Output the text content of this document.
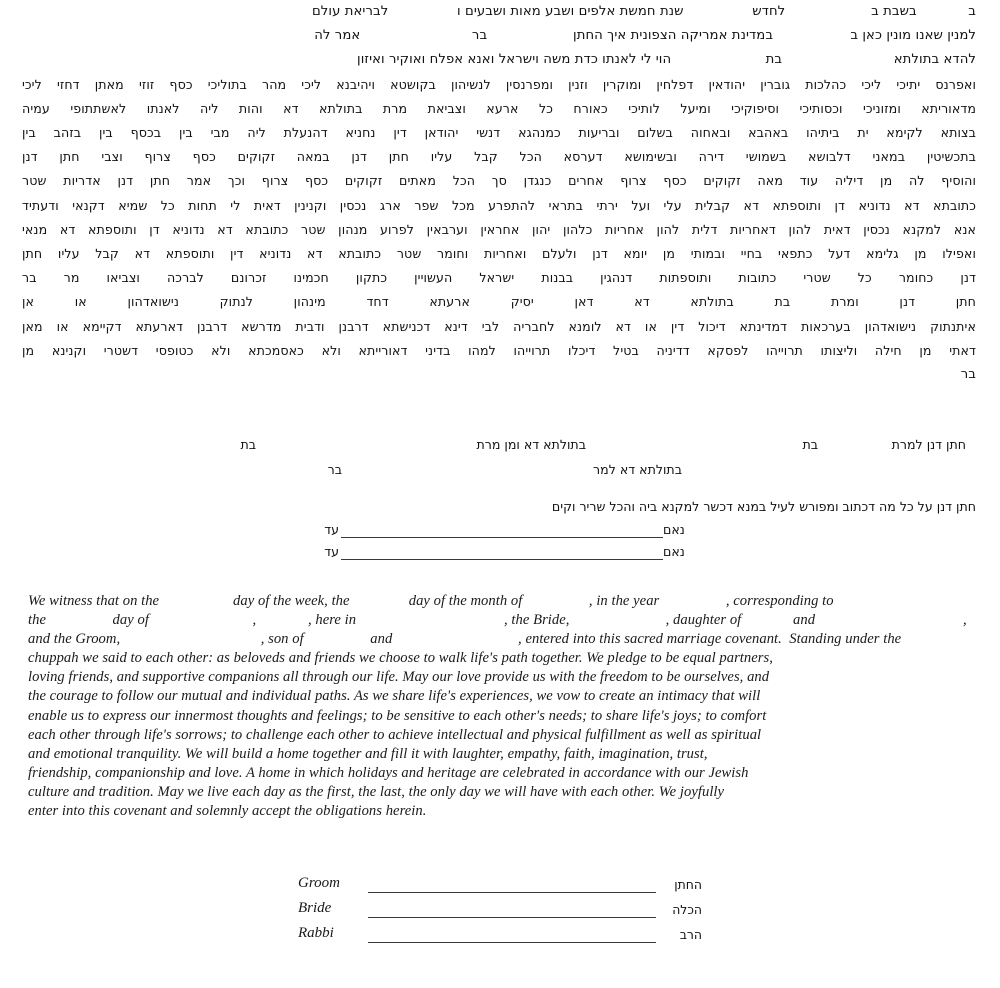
ב            בשבת ב                    לחדש                שנת חמשת אלפים ושבע מאות ושבעים ו                לבריאת עולם
למנין שאנו מונין כאן ב                  במדינת אמריקה הצפונית איך החתן                    בר                          אמר לה
להדא בתולתא                          בת                      הוי לי לאנתו כדת משה וישראל ואנא אפלח ואוקיר ואיזון
ואפרנס יתיכי ליכי כהלכות גוברין יהודאין דפלחין ומוקרין וזנין ומפרנסין לנשיהון בקושטא ויהיבנא ליכי מהר בתוליכי כסף זוזי מאתן דחזי ליכי
מדאוריתא ומזוניכי וכסותיכי וסיפוקיכי ומיעל לותיכי כאורח כל ארעא וצביאת מרת בתולתא דא והות ליה לאנתו לאשתתופי עמיה
בצותא לקימא ית ביתיהו באהבא ובאחוה בשלום ובריעות כמנהגא דנשי יהודאן דין נחניא דהנעלת ליה מבי בין בכסף בין בזהב בין
בתכשיטין במאני דלבושא בשמושי דירה ובשימושא דערסא הכל קבל עליו חתן דנן במאה זקוקים כסף צרוף וצבי חתן דנן
והוסיף לה מן דיליה עוד מאה זקוקים כסף צרוף אחרים כנגדן סך הכל מאתים זקוקים כסף צרוף וכך אמר חתן דנן אדריות שטר
כתובתא דא נדוניא דן ותוספתא דא קבלית עלי ועל ירתי בתראי להתפרע מכל שפר ארג נכסין וקנינין דאית לי תחות כל שמיא דקנאי ודעתיד
אנא למקנא נכסין דאית להון דאחריות דלית להון אחריות כלהון יהון אחראין וערבאין לפרוע מנהון שטר כתובתא דא נדוניא דן ותוספתא דא מנאי
ואפילו מן גלימא דעל כתפאי בחיי ובמותי מן יומא דנן ולעלם ואחריות וחומר שטר כתובתא דא נדוניא דין ותוספתא דא קבל עליו חתן
דנן כחומר כל שטרי כתובות ותוספתות דנהגין בבנות ישראל העשויין כתקון חכמינו זכרונם לברכה וצביאו מר בר
חתן דנן ומרת בת בתולתא דא דאן יסיק ארעתא דחד מינהון לנתוק נישואדהון או אן
איתנתוק נישואדהון בערכאות דמדינתא דיכול דין או דא לומנא לחבריה לבי דינא דכנישתא דרבנן ודבית מדרשא דרבנן דארעתא דקיימא או מאן
דאתי מן חילה וליצותו תרוייהו לפסקא דדיניה בטיל דיכלו תרוייהו למהו בדיני דאורייתא ולא כאסמכתא ולא כטופסי דשטרי וקנינא מן
בר
חתן דנן למרת
בת
בתולתא דא ומן מרת
בת
בתולתא דא למר
בר
חתן דנן על כל מה דכתוב ומפורש לעיל במנא דכשר למקנא ביה והכל שריר וקים
נאם
עד
נאם
עד
We witness that on the                    day of the week, the                day of the month of                  , in the year                  , corresponding to
the                  day of                            ,              , here in                                        , the Bride,                          , daughter of              and                                        ,
and the Groom,                                      , son of                  and                                  , entered into this sacred marriage covenant.  Standing under the
chuppah we said to each other: as beloveds and friends we choose to walk life's path together. We pledge to be equal partners,
loving friends, and supportive companions all through our life. May our love provide us with the freedom to be ourselves, and
the courage to follow our mutual and individual paths. As we share life's experiences, we vow to create an intimacy that will
enable us to express our innermost thoughts and feelings; to be sensitive to each other's needs; to share life's joys; to comfort
each other through life's sorrows; to challenge each other to achieve intellectual and physical fulfillment as well as spiritual
and emotional tranquility. We will build a home together and fill it with laughter, empathy, faith, imagination, trust,
friendship, companionship and love. A home in which holidays and heritage are celebrated in accordance with our Jewish
culture and tradition. May we live each day as the first, the last, the only day we will have with each other. We joyfully
enter into this covenant and solemnly accept the obligations herein.
Groom	החתן
Bride	הכלה
Rabbi	הרב
